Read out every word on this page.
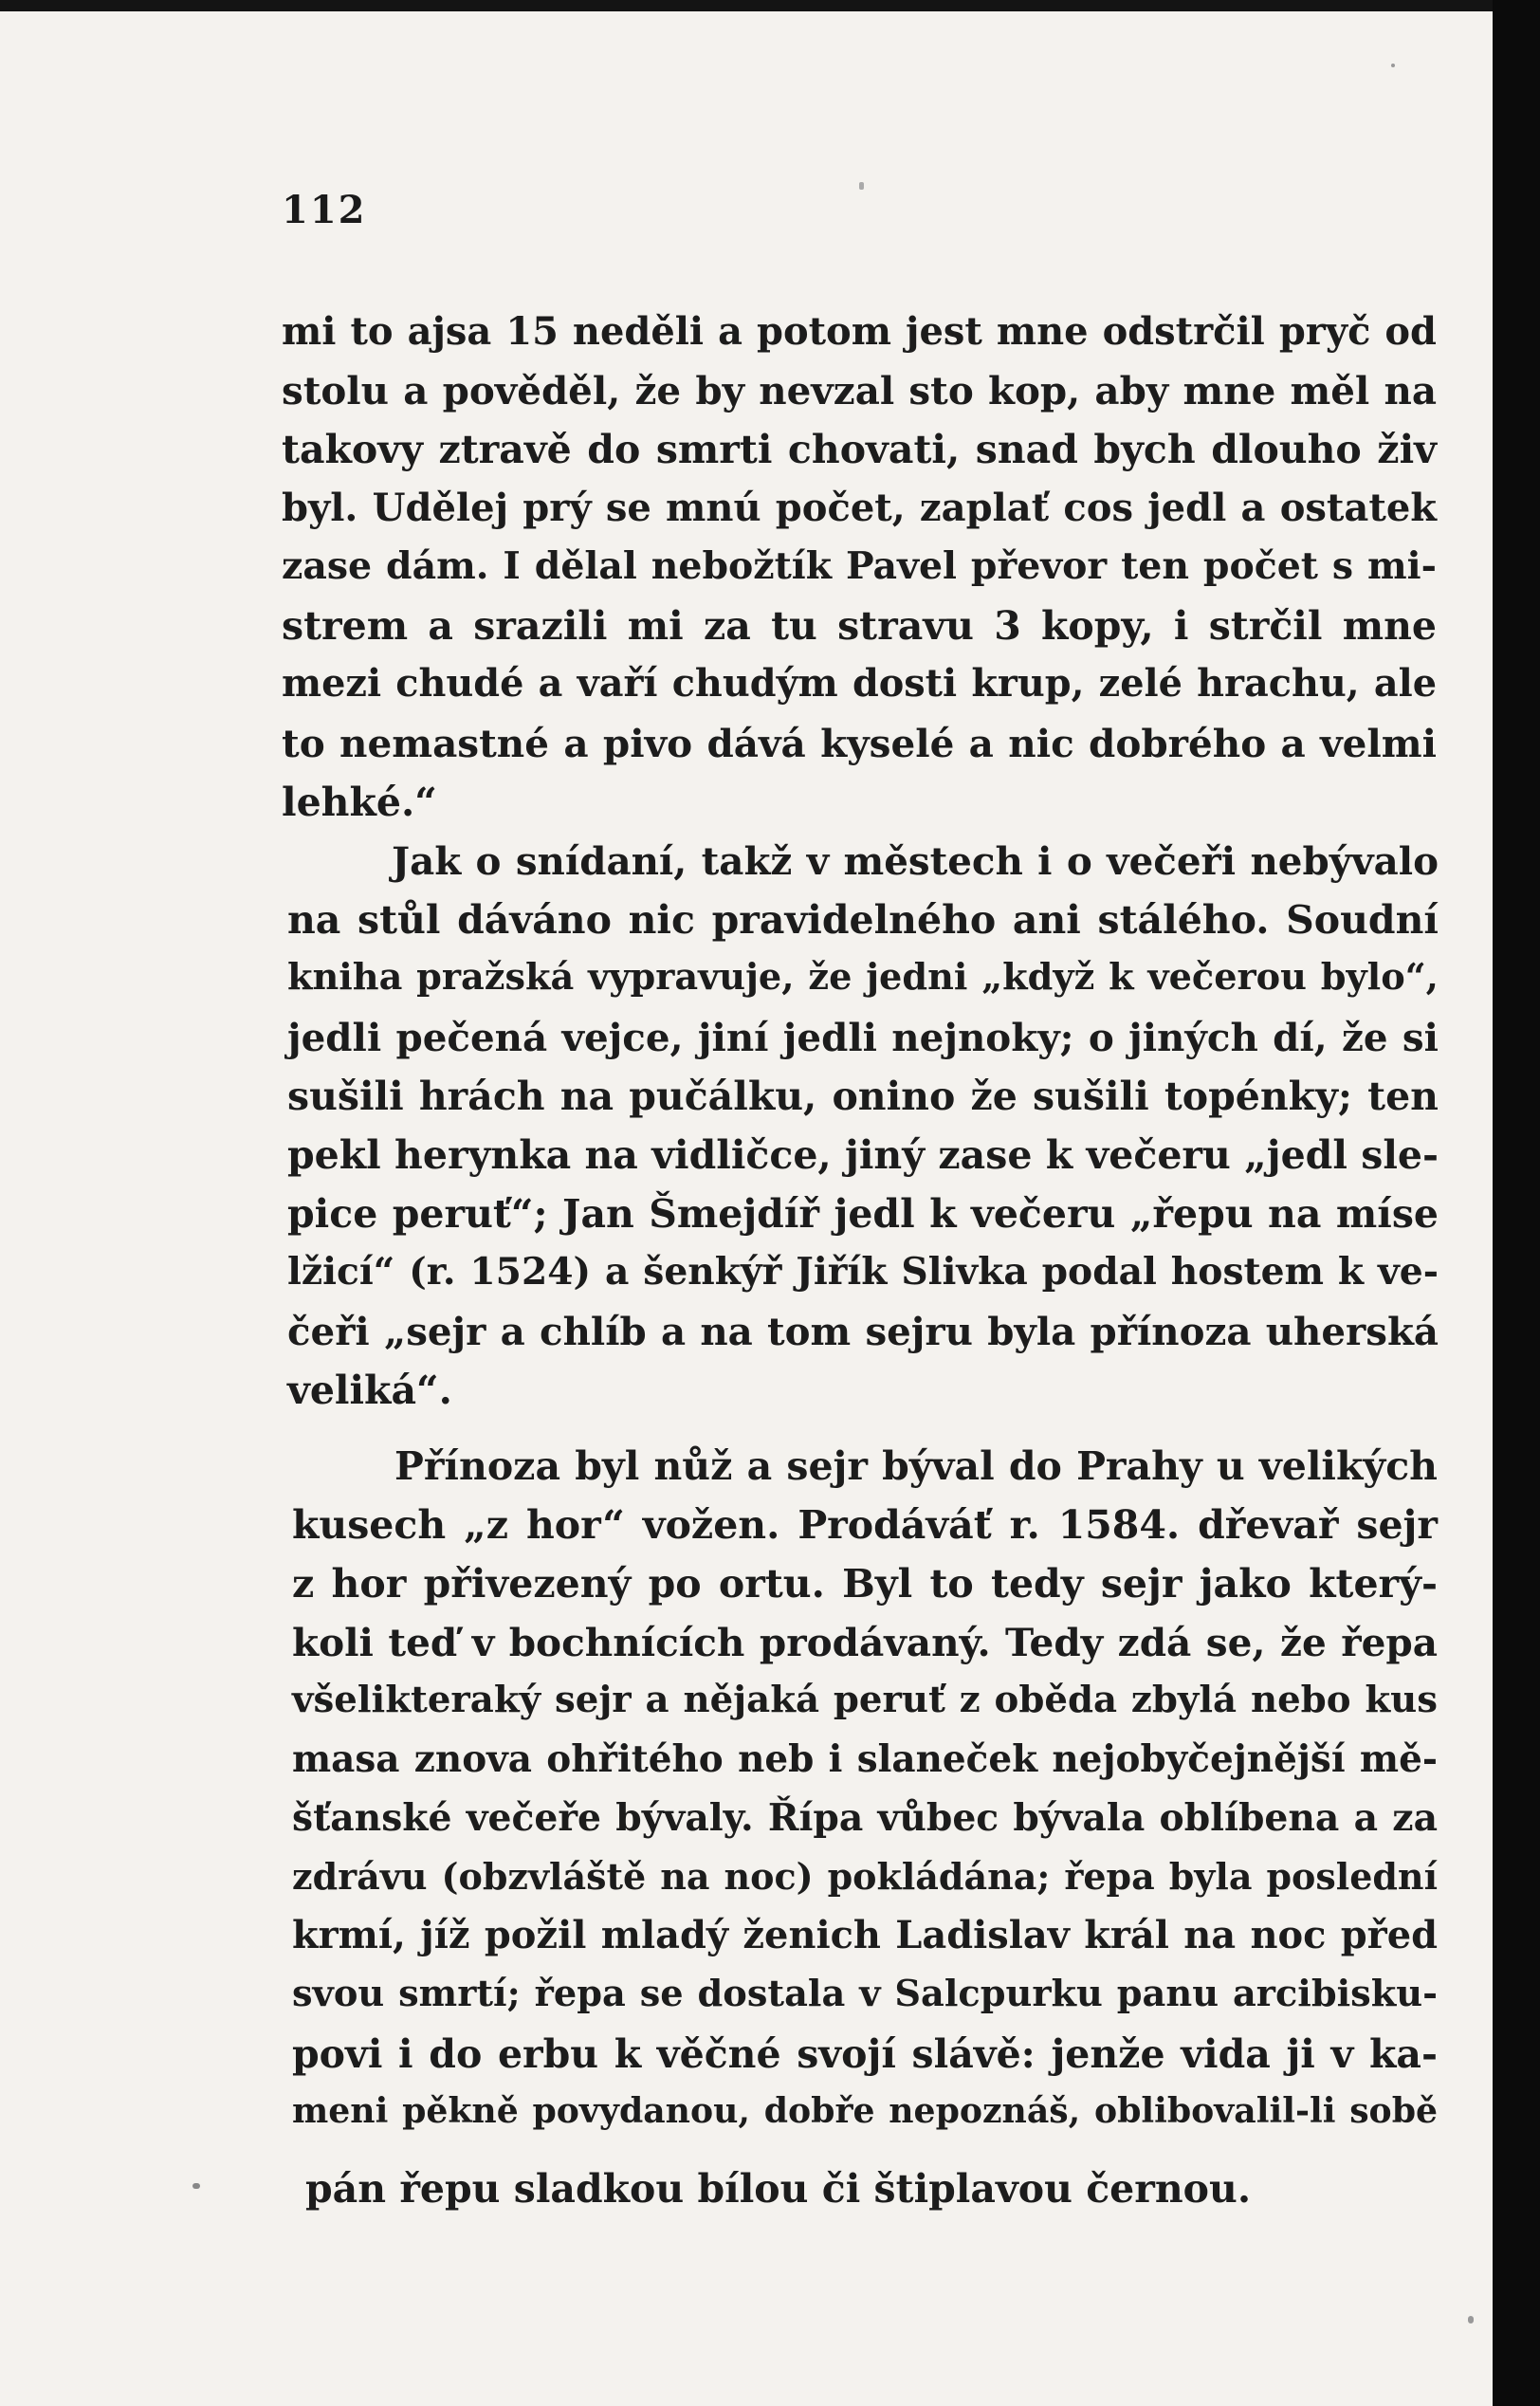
112
mi to ajsa 15 neděli a potom jest mne odstrčil pryč od
stolu a pověděl, že by nevzal sto kop, aby mne měl na
takovy ztravě do smrti chovati, snad bych dlouho živ
byl. Udělej prý se mnú počet, zaplať cos jedl a ostatek
zase dám. I dělal nebožtík Pavel převor ten počet s mi-
strem a srazili mi za tu stravu 3 kopy, i strčil mne
mezi chudé a vaří chudým dosti krup, zelé hrachu, ale
to nemastné a pivo dává kyselé a nic dobrého a velmi
lehké.“
Jak o snídaní, takž v městech i o večeři nebývalo
na stůl dáváno nic pravidelného ani stálého. Soudní
kniha pražská vypravuje, že jedni „když k večerou bylo“,
jedli pečená vejce, jiní jedli nejnoky; o jiných dí, že si
sušili hrách na pučálku, onino že sušili topénky; ten
pekl herynka na vidličce, jiný zase k večeru „jedl sle-
pice peruť“; Jan Šmejdíř jedl k večeru „řepu na míse
lžicí“ (r. 1524) a šenkýř Jiřík Slivka podal hostem k ve-
čeři „sejr a chlíb a na tom sejru byla přínoza uherská
veliká“.
Přínoza byl nůž a sejr býval do Prahy u velikých
kusech „z hor“ vožen. Prodáváť r. 1584. dřevař sejr
z hor přivezený po ortu. Byl to tedy sejr jako který-
koli teď v bochnících prodávaný. Tedy zdá se, že řepa
všelikteraký sejr a nějaká peruť z oběda zbylá nebo kus
masa znova ohřitého neb i slaneček nejobyčejnější mě-
šťanské večeře bývaly. Řípa vůbec bývala oblíbena a za
zdrávu (obzvláště na noc) pokládána; řepa byla poslední
krmí, jíž požil mladý ženich Ladislav král na noc před
svou smrtí; řepa se dostala v Salcpurku panu arcibisku-
povi i do erbu k věčné svojí slávě: jenže vida ji v ka-
meni pěkně povydanou, dobře nepoznáš, oblibovalil-li sobě
pán řepu sladkou bílou či štiplavou černou.
